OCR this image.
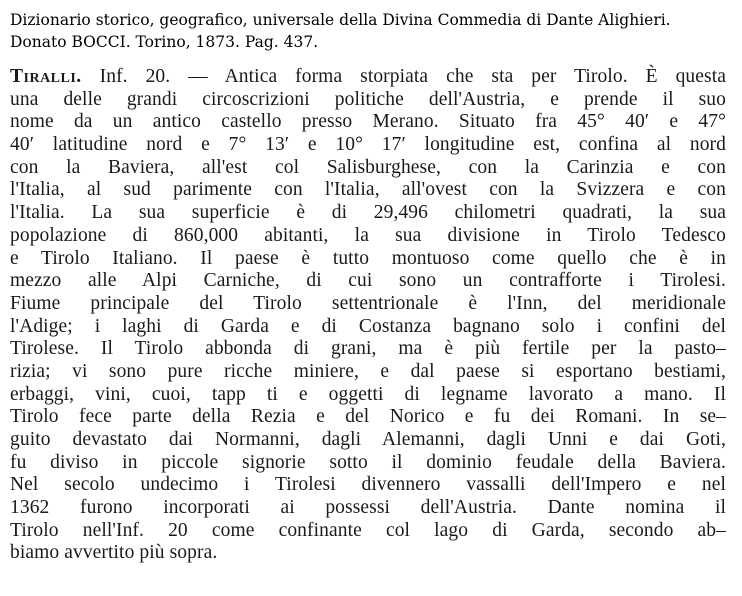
Dizionario storico, geografico, universale della Divina Commedia di Dante Alighieri.
Donato BOCCI. Torino, 1873. Pag. 437.
Tiralli. Inf. 20. — Antica forma storpiata che sta per Tirolo. È questa
una delle grandi circoscrizioni politiche dell'Austria, e prende il suo
nome da un antico castello presso Merano. Situato fra 45° 40′ e 47°
40′ latitudine nord e 7° 13′ e 10° 17′ longitudine est, confina al nord
con la Baviera, all'est col Salisburghese, con la Carinzia e con
l'Italia, al sud parimente con l'Italia, all'ovest con la Svizzera e con
l'Italia. La sua superficie è di 29,496 chilometri quadrati, la sua
popolazione di 860,000 abitanti, la sua divisione in Tirolo Tedesco
e Tirolo Italiano. Il paese è tutto montuoso come quello che è in
mezzo alle Alpi Carniche, di cui sono un contrafforte i Tirolesi.
Fiume principale del Tirolo settentrionale è l'Inn, del meridionale
l'Adige; i laghi di Garda e di Costanza bagnano solo i confini del
Tirolese. Il Tirolo abbonda di grani, ma è più fertile per la pasto–
rizia; vi sono pure ricche miniere, e dal paese si esportano bestiami,
erbaggi, vini, cuoi, tapp ti e oggetti di legname lavorato a mano. Il
Tirolo fece parte della Rezia e del Norico e fu dei Romani. In se–
guito devastato dai Normanni, dagli Alemanni, dagli Unni e dai Goti,
fu diviso in piccole signorie sotto il dominio feudale della Baviera.
Nel secolo undecimo i Tirolesi divennero vassalli dell'Impero e nel
1362 furono incorporati ai possessi dell'Austria. Dante nomina il
Tirolo nell'Inf. 20 come confinante col lago di Garda, secondo ab–
biamo avvertito più sopra.
